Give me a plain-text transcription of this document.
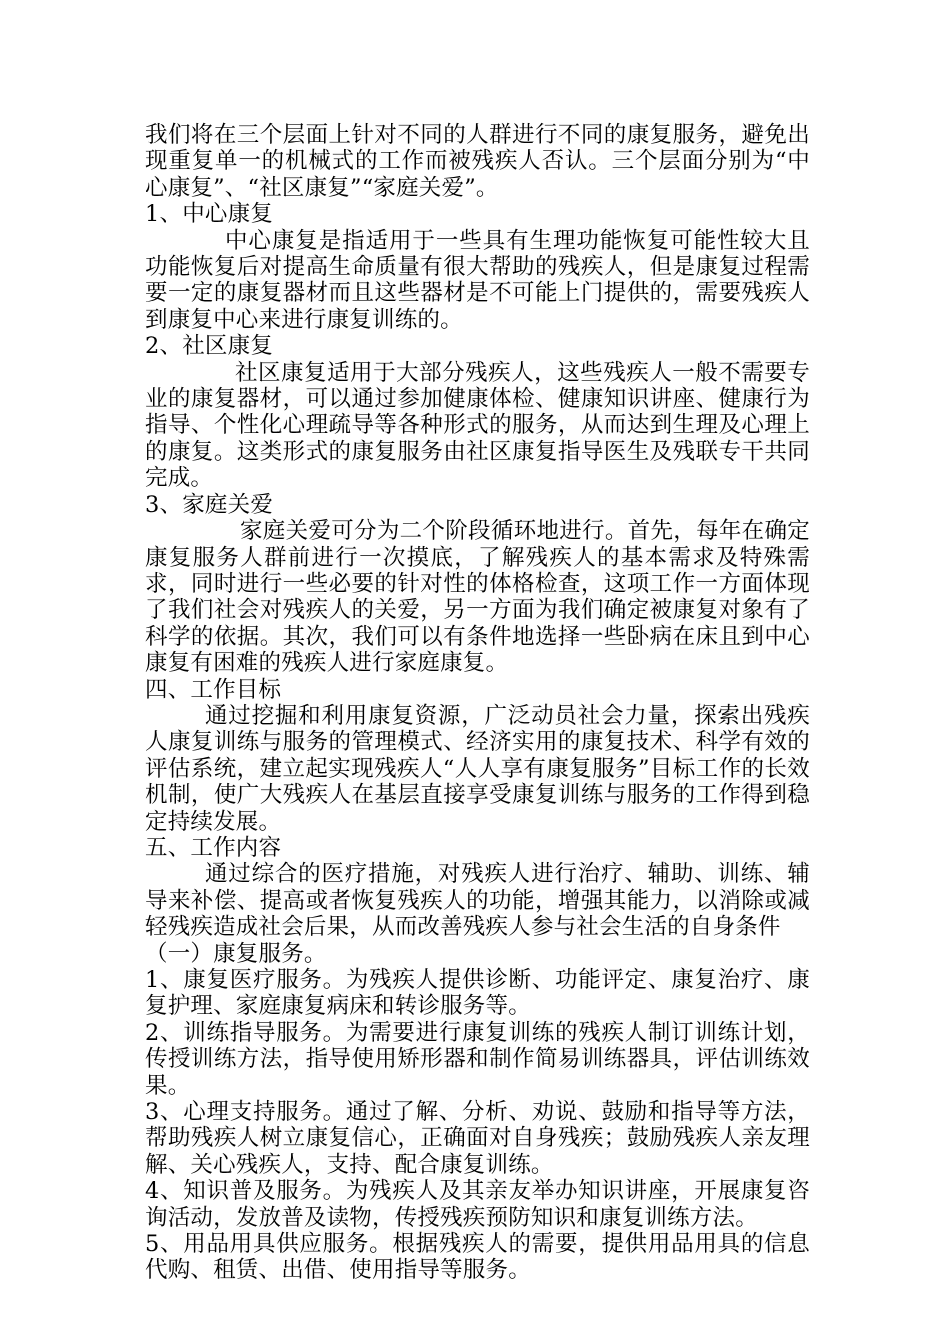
我们将在三个层面上针对不同的人群进行不同的康复服务，避免出现重复单一的机械式的工作而被残疾人否认。三个层面分别为“中心康复”、“社区康复”“家庭关爱”。

1、中心康复

中心康复是指适用于一些具有生理功能恢复可能性较大且功能恢复后对提高生命质量有很大帮助的残疾人，但是康复过程需要一定的康复器材而且这些器材是不可能上门提供的，需要残疾人到康复中心来进行康复训练的。

2、社区康复

社区康复适用于大部分残疾人，这些残疾人一般不需要专业的康复器材，可以通过参加健康体检、健康知识讲座、健康行为指导、个性化心理疏导等各种形式的服务，从而达到生理及心理上的康复。这类形式的康复服务由社区康复指导医生及残联专干共同完成。

3、家庭关爱

家庭关爱可分为二个阶段循环地进行。首先，每年在确定康复服务人群前进行一次摸底，了解残疾人的基本需求及特殊需求，同时进行一些必要的针对性的体格检查，这项工作一方面体现了我们社会对残疾人的关爱，另一方面为我们确定被康复对象有了科学的依据。其次，我们可以有条件地选择一些卧病在床且到中心康复有困难的残疾人进行家庭康复。

四、工作目标

通过挖掘和利用康复资源，广泛动员社会力量，探索出残疾人康复训练与服务的管理模式、经济实用的康复技术、科学有效的评估系统，建立起实现残疾人“人人享有康复服务”目标工作的长效机制，使广大残疾人在基层直接享受康复训练与服务的工作得到稳定持续发展。

五、工作内容

通过综合的医疗措施，对残疾人进行治疗、辅助、训练、辅导来补偿、提高或者恢复残疾人的功能，增强其能力，以消除或减轻残疾造成社会后果，从而改善残疾人参与社会生活的自身条件

（一）康复服务。

1、康复医疗服务。为残疾人提供诊断、功能评定、康复治疗、康复护理、家庭康复病床和转诊服务等。

2、训练指导服务。为需要进行康复训练的残疾人制订训练计划，传授训练方法，指导使用矫形器和制作简易训练器具，评估训练效果。

3、心理支持服务。通过了解、分析、劝说、鼓励和指导等方法，帮助残疾人树立康复信心，正确面对自身残疾；鼓励残疾人亲友理解、关心残疾人，支持、配合康复训练。

4、知识普及服务。为残疾人及其亲友举办知识讲座，开展康复咨询活动，发放普及读物，传授残疾预防知识和康复训练方法。

5、用品用具供应服务。根据残疾人的需要，提供用品用具的信息代购、租赁、出借、使用指导等服务。
